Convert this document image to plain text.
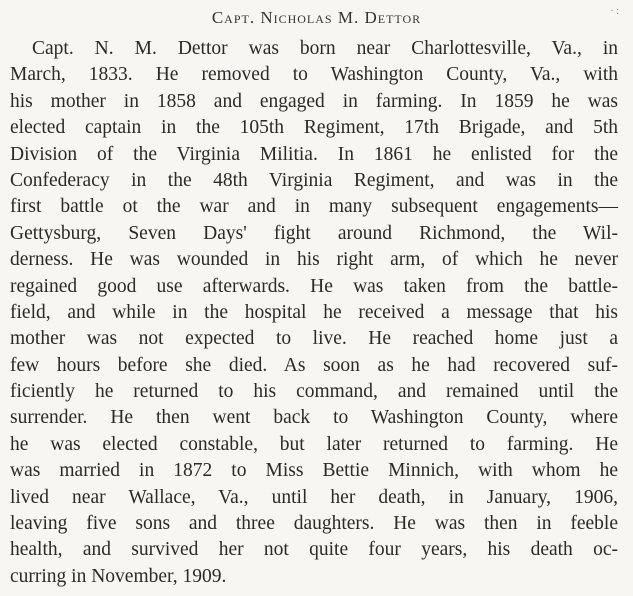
Capt. Nicholas M. Dettor	· :
Capt. N. M. Dettor was born near Charlottesville, Va., in
March, 1833. He removed to Washington County, Va., with
his mother in 1858 and engaged in farming. In 1859 he was
elected captain in the 105th Regiment, 17th Brigade, and 5th
Division of the Virginia Militia. In 1861 he enlisted for the
Confederacy in the 48th Virginia Regiment, and was in the
first battle ot the war and in many subsequent engagements—
Gettysburg, Seven Days' fight around Richmond, the Wil-
derness. He was wounded in his right arm, of which he never
regained good use afterwards. He was taken from the battle-
field, and while in the hospital he received a message that his
mother was not expected to live. He reached home just a
few hours before she died. As soon as he had recovered suf-
ficiently he returned to his command, and remained until the
surrender. He then went back to Washington County, where
he was elected constable, but later returned to farming. He
was married in 1872 to Miss Bettie Minnich, with whom he
lived near Wallace, Va., until her death, in January, 1906,
leaving five sons and three daughters. He was then in feeble
health, and survived her not quite four years, his death oc-
curring in November, 1909.
